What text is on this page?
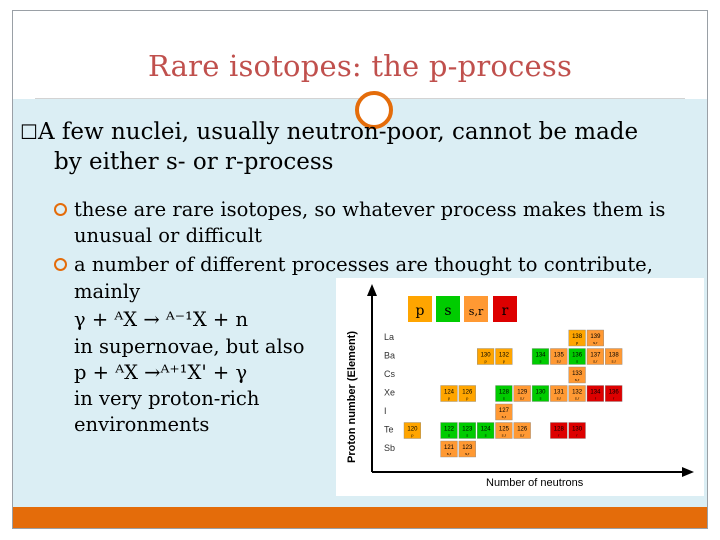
Rare isotopes: the p-process
☐A few nuclei, usually neutron-poor, cannot be made
by either s- or r-process
these are rare isotopes, so whatever process makes them is
unusual or difficult
a number of different processes are thought to contribute,
mainly
γ + ᴬX → ᴬ⁻¹X + n
in supernovae, but also
p + ᴬX →ᴬ⁺¹X' + γ
in very proton-rich
environments	Proton number (Element)
Number of neutrons
p s s,r r
La
Ba
Cs
Xe
I
Te
Sb
138
p
139
s,r
130
p
132
p
134
s
135
s,r
136
s
137
s,r
138
s,r
133
s,r
124
p
126
p
128
s
129
s,r
130
s
131
s,r
132
s,r
134
r
136
r
127
s,r
120
p
122
s
123
s
124
s
125
s,r
126
s,r
128
r
130
r
121
s,r
123
s,r
